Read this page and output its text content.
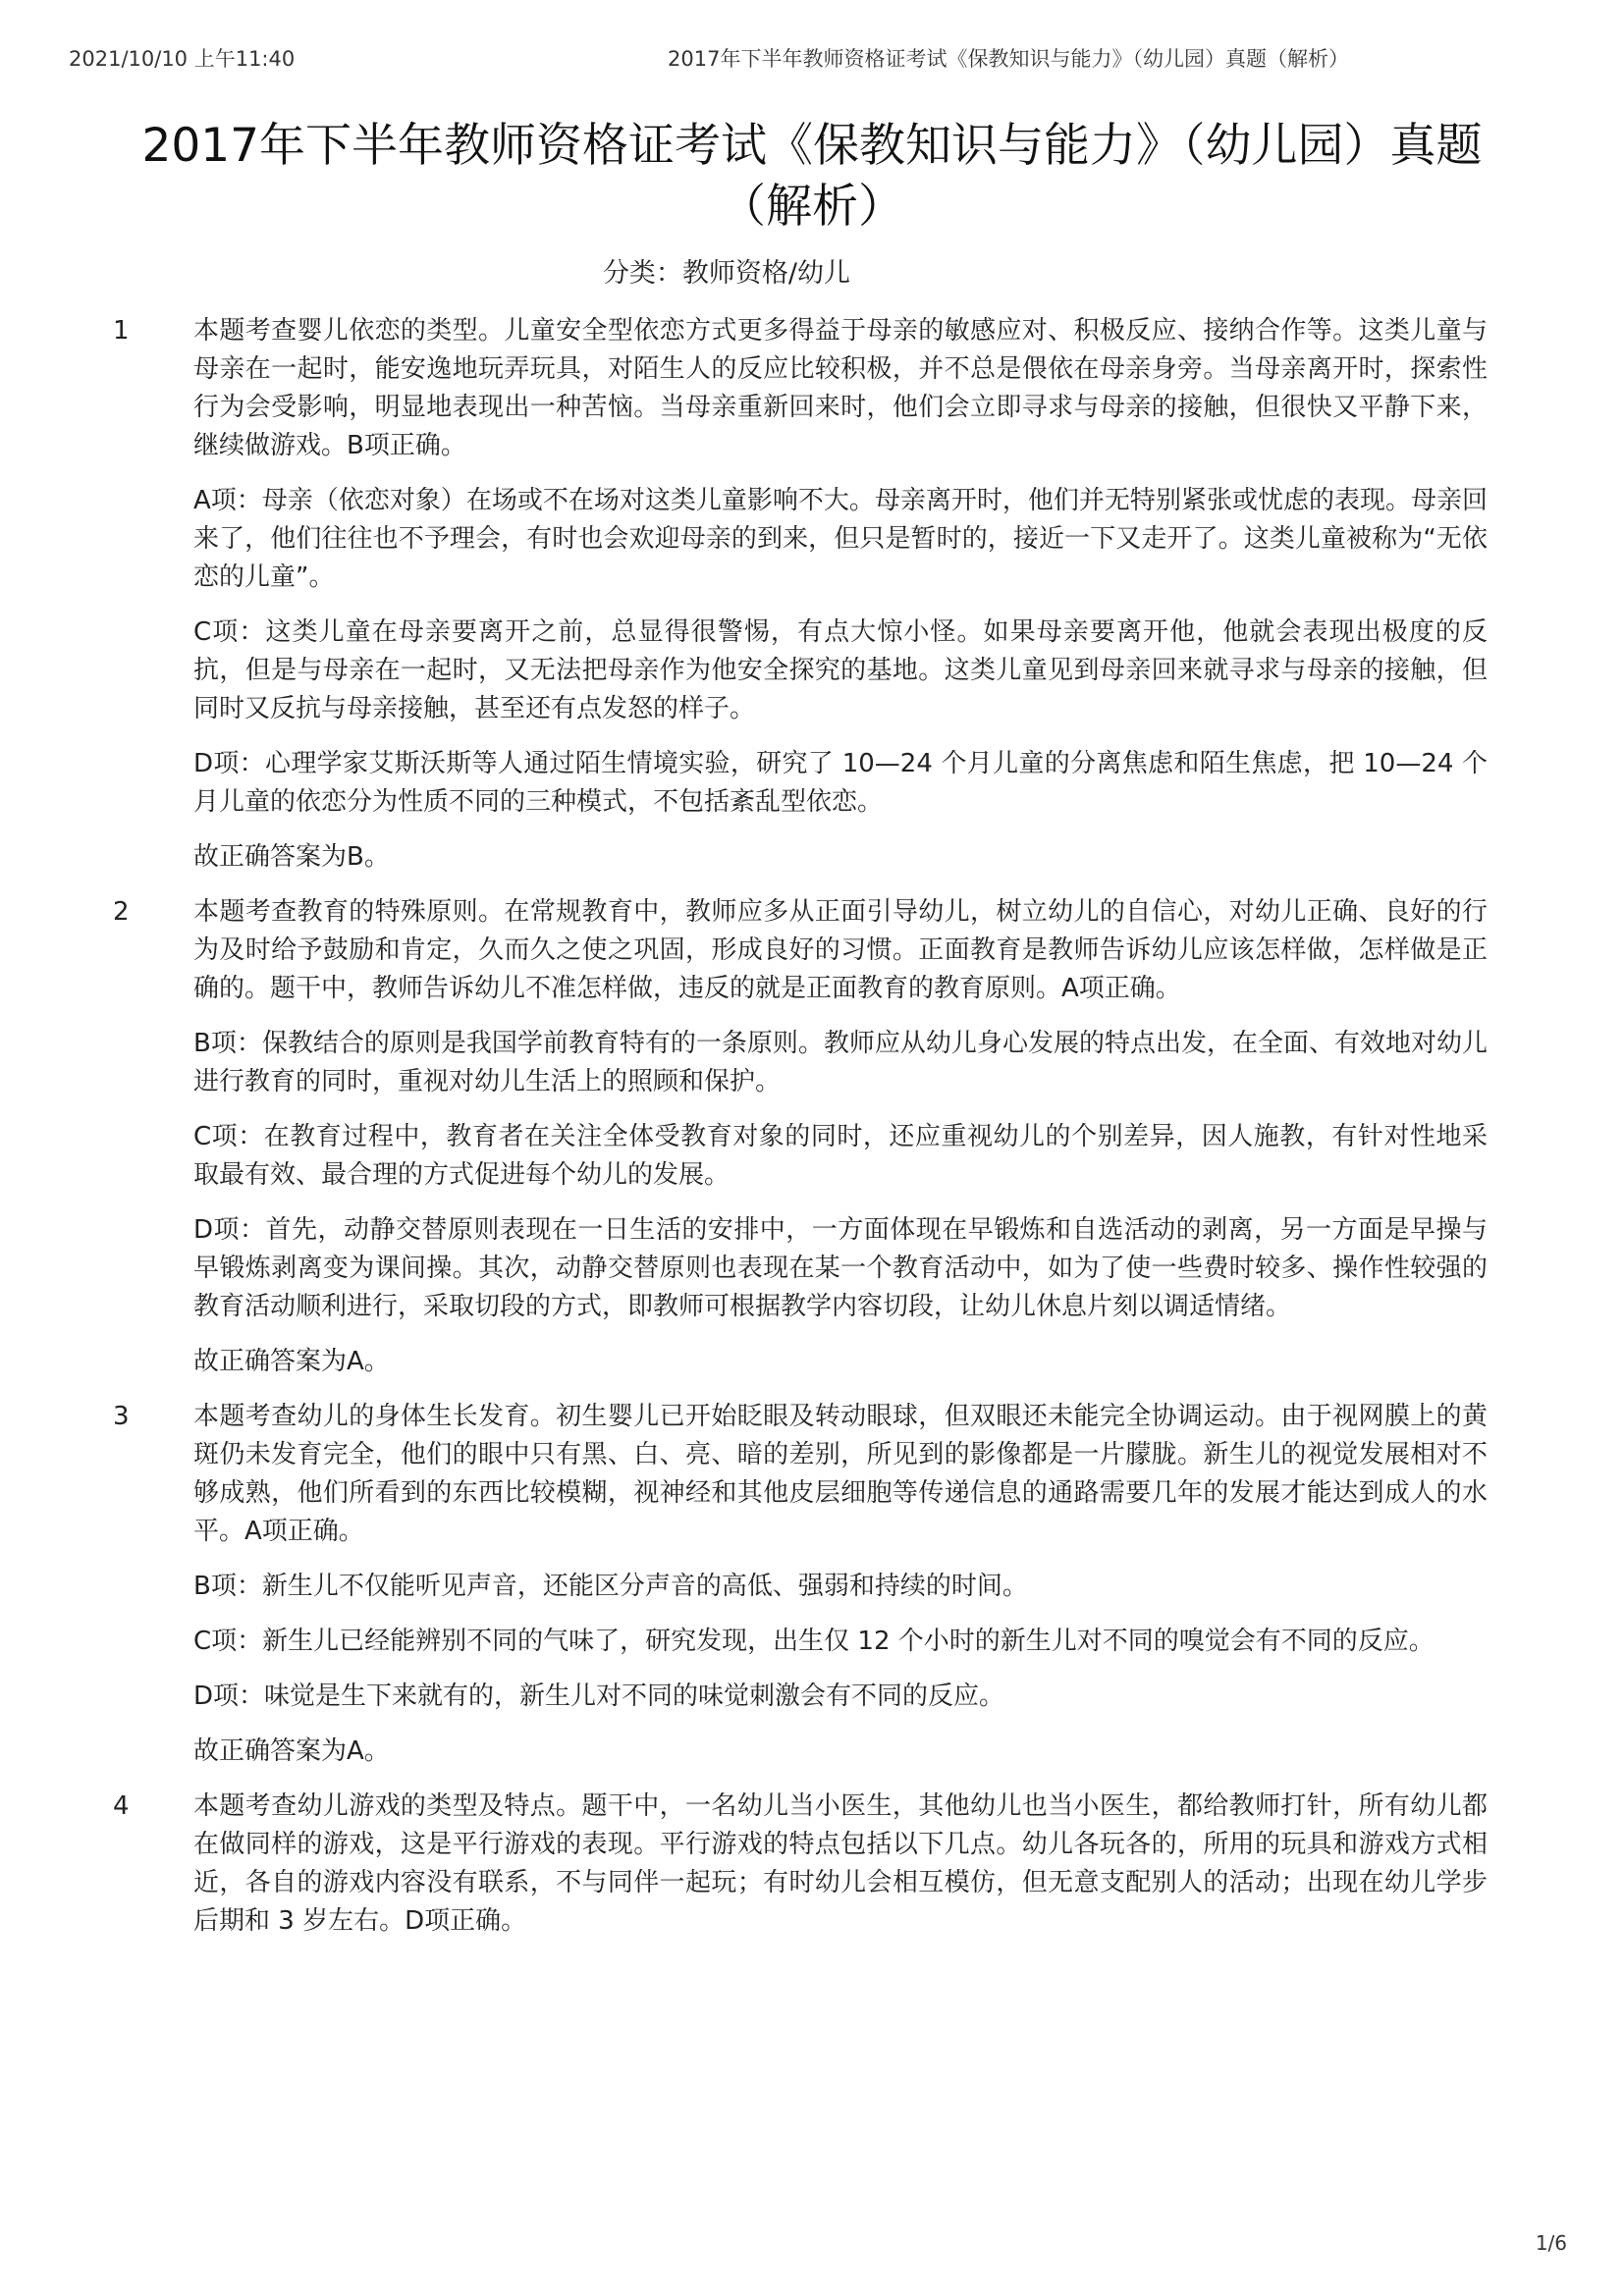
2021/10/10 上午11:40	2017年下半年教师资格证考试《保教知识与能力》（幼儿园）真题（解析）
2017年下半年教师资格证考试《保教知识与能力》（幼儿园）真题（解析）
分类：教师资格/幼儿
1	本题考查婴儿依恋的类型。儿童安全型依恋方式更多得益于母亲的敏感应对、积极反应、接纳合作等。这类儿童与母亲在一起时，能安逸地玩弄玩具，对陌生人的反应比较积极，并不总是偎依在母亲身旁。当母亲离开时，探索性行为会受影响，明显地表现出一种苦恼。当母亲重新回来时，他们会立即寻求与母亲的接触，但很快又平静下来，继续做游戏。B项正确。

A项：母亲（依恋对象）在场或不在场对这类儿童影响不大。母亲离开时，他们并无特别紧张或忧虑的表现。母亲回来了，他们往往也不予理会，有时也会欢迎母亲的到来，但只是暂时的，接近一下又走开了。这类儿童被称为“无依恋的儿童”。

C项：这类儿童在母亲要离开之前，总显得很警惕，有点大惊小怪。如果母亲要离开他，他就会表现出极度的反抗，但是与母亲在一起时，又无法把母亲作为他安全探究的基地。这类儿童见到母亲回来就寻求与母亲的接触，但同时又反抗与母亲接触，甚至还有点发怒的样子。

D项：心理学家艾斯沃斯等人通过陌生情境实验，研究了 10—24 个月儿童的分离焦虑和陌生焦虑，把 10—24 个月儿童的依恋分为性质不同的三种模式，不包括紊乱型依恋。

故正确答案为B。

2	本题考查教育的特殊原则。在常规教育中，教师应多从正面引导幼儿，树立幼儿的自信心，对幼儿正确、良好的行为及时给予鼓励和肯定，久而久之使之巩固，形成良好的习惯。正面教育是教师告诉幼儿应该怎样做，怎样做是正确的。题干中，教师告诉幼儿不准怎样做，违反的就是正面教育的教育原则。A项正确。

B项：保教结合的原则是我国学前教育特有的一条原则。教师应从幼儿身心发展的特点出发，在全面、有效地对幼儿进行教育的同时，重视对幼儿生活上的照顾和保护。

C项：在教育过程中，教育者在关注全体受教育对象的同时，还应重视幼儿的个别差异，因人施教，有针对性地采取最有效、最合理的方式促进每个幼儿的发展。

D项：首先，动静交替原则表现在一日生活的安排中，一方面体现在早锻炼和自选活动的剥离，另一方面是早操与早锻炼剥离变为课间操。其次，动静交替原则也表现在某一个教育活动中，如为了使一些费时较多、操作性较强的教育活动顺利进行，采取切段的方式，即教师可根据教学内容切段，让幼儿休息片刻以调适情绪。

故正确答案为A。

3	本题考查幼儿的身体生长发育。初生婴儿已开始眨眼及转动眼球，但双眼还未能完全协调运动。由于视网膜上的黄斑仍未发育完全，他们的眼中只有黑、白、亮、暗的差别，所见到的影像都是一片朦胧。新生儿的视觉发展相对不够成熟，他们所看到的东西比较模糊，视神经和其他皮层细胞等传递信息的通路需要几年的发展才能达到成人的水平。A项正确。

B项：新生儿不仅能听见声音，还能区分声音的高低、强弱和持续的时间。

C项：新生儿已经能辨别不同的气味了，研究发现，出生仅 12 个小时的新生儿对不同的嗅觉会有不同的反应。

D项：味觉是生下来就有的，新生儿对不同的味觉刺激会有不同的反应。

故正确答案为A。

4	本题考查幼儿游戏的类型及特点。题干中，一名幼儿当小医生，其他幼儿也当小医生，都给教师打针，所有幼儿都在做同样的游戏，这是平行游戏的表现。平行游戏的特点包括以下几点。幼儿各玩各的，所用的玩具和游戏方式相近，各自的游戏内容没有联系，不与同伴一起玩；有时幼儿会相互模仿，但无意支配别人的活动；出现在幼儿学步后期和 3 岁左右。D项正确。

1/6
